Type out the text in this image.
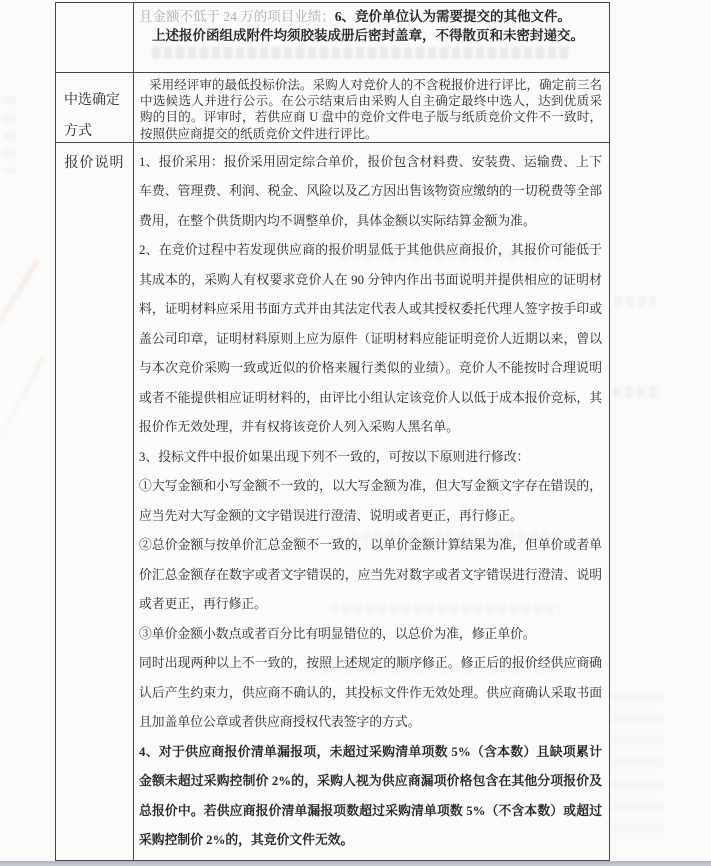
且金额不低于 24 万的项目业绩；6、竞价单位认为需要提交的其他文件。

上述报价函组成附件均须胶装成册后密封盖章，不得散页和未密封递交。

中选确定方式

采用经评审的最低投标价法。采购人对竞价人的不含税报价进行评比，确定前三名中选候选人并进行公示。在公示结束后由采购人自主确定最终中选人，达到优质采购的目的。评审时，若供应商 U 盘中的竞价文件电子版与纸质竞价文件不一致时，按照供应商提交的纸质竞价文件进行评比。

报价说明	1、报价采用：报价采用固定综合单价，报价包含材料费、安装费、运输费、上下车费、管理费、利润、税金、风险以及乙方因出售该物资应缴纳的一切税费等全部费用，在整个供货期内均不调整单价，具体金额以实际结算金额为准。

2、在竞价过程中若发现供应商的报价明显低于其他供应商报价，其报价可能低于其成本的，采购人有权要求竞价人在 90 分钟内作出书面说明并提供相应的证明材料，证明材料应采用书面方式并由其法定代表人或其授权委托代理人签字按手印或盖公司印章，证明材料原则上应为原件（证明材料应能证明竞价人近期以来，曾以与本次竞价采购一致或近似的价格来履行类似的业绩）。竞价人不能按时合理说明或者不能提供相应证明材料的，由评比小组认定该竞价人以低于成本报价竞标，其报价作无效处理，并有权将该竞价人列入采购人黑名单。

3、投标文件中报价如果出现下列不一致的，可按以下原则进行修改：

①大写金额和小写金额不一致的，以大写金额为准，但大写金额文字存在错误的，应当先对大写金额的文字错误进行澄清、说明或者更正，再行修正。

②总价金额与按单价汇总金额不一致的，以单价金额计算结果为准，但单价或者单价汇总金额存在数字或者文字错误的，应当先对数字或者文字错误进行澄清、说明或者更正，再行修正。

③单价金额小数点或者百分比有明显错位的，以总价为准，修正单价。

同时出现两种以上不一致的，按照上述规定的顺序修正。修正后的报价经供应商确认后产生约束力，供应商不确认的，其投标文件作无效处理。供应商确认采取书面且加盖单位公章或者供应商授权代表签字的方式。

4、对于供应商报价清单漏报项，未超过采购清单项数 5%（含本数）且缺项累计金额未超过采购控制价 2%的，采购人视为供应商漏项价格包含在其他分项报价及总报价中。若供应商报价清单漏报项数超过采购清单项数 5%（不含本数）或超过采购控制价 2%的，其竞价文件无效。
